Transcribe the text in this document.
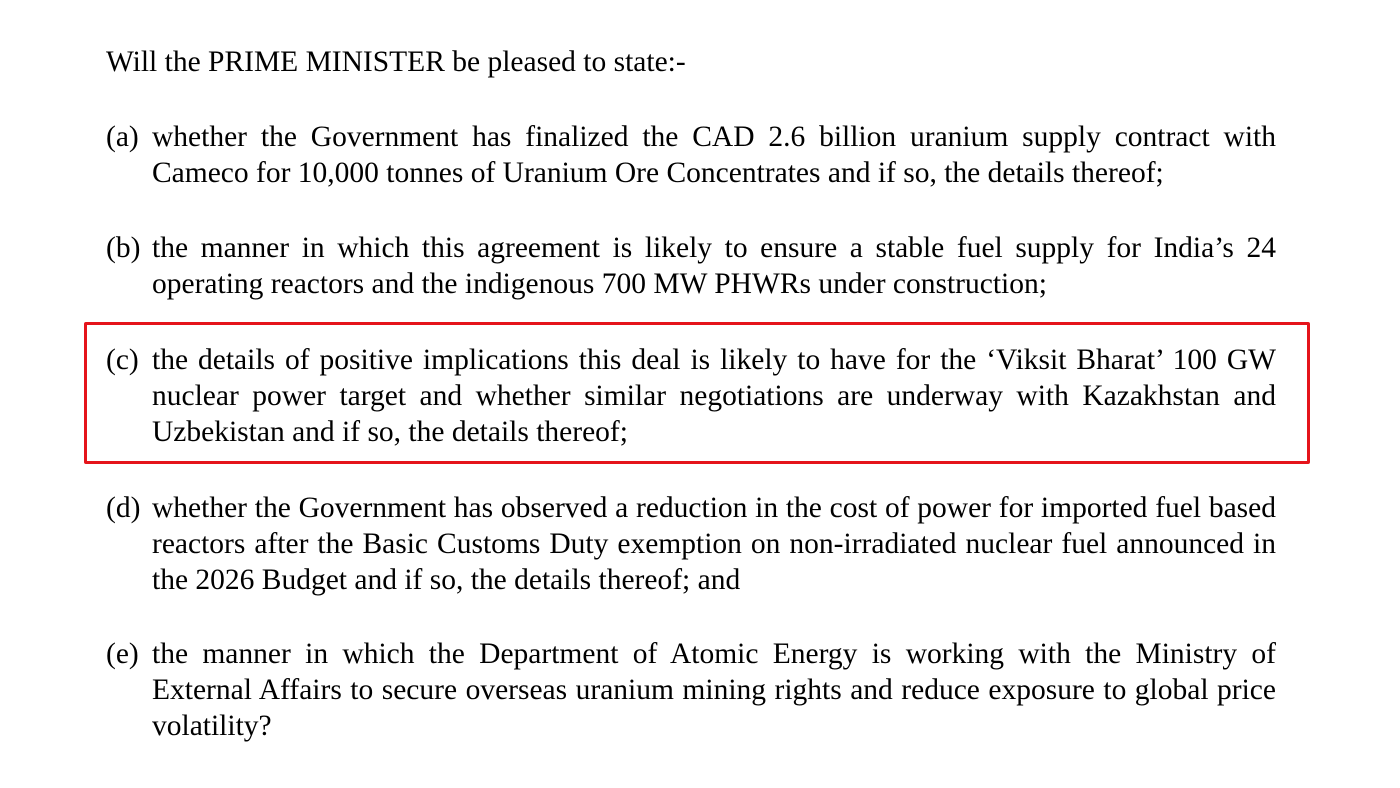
Will the PRIME MINISTER be pleased to state:-
(a) whether the Government has finalized the CAD 2.6 billion uranium supply contract with Cameco for 10,000 tonnes of Uranium Ore Concentrates and if so, the details thereof;
(b) the manner in which this agreement is likely to ensure a stable fuel supply for India’s 24 operating reactors and the indigenous 700 MW PHWRs under construction;
(c) the details of positive implications this deal is likely to have for the ‘Viksit Bharat’ 100 GW nuclear power target and whether similar negotiations are underway with Kazakhstan and Uzbekistan and if so, the details thereof;
(d) whether the Government has observed a reduction in the cost of power for imported fuel based reactors after the Basic Customs Duty exemption on non-irradiated nuclear fuel announced in the 2026 Budget and if so, the details thereof; and
(e) the manner in which the Department of Atomic Energy is working with the Ministry of External Affairs to secure overseas uranium mining rights and reduce exposure to global price volatility?
